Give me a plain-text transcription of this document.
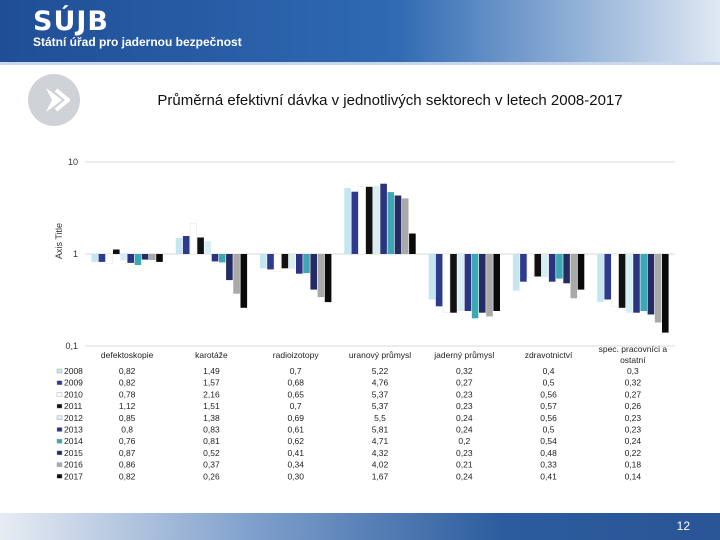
SÚJB
Státní úřad pro jadernou bezpečnost
Průměrná efektivní dávka v jednotlivých sektorech v letech 2008-2017
Axis Title
10
1
0,1
defektoskopie	karotáže	radioizotopy	uranový průmysl	jaderný průmysl	zdravotnictví
spec. pracovníci a
ostatní
2008	0,82	1,49	0,7	5,22	0,32	0,4	0,3
2009	0,82	1,57	0,68	4,76	0,27	0,5	0,32
2010	0,78	2,16	0,65	5,37	0,23	0,56	0,27
2011	1,12	1,51	0,7	5,37	0,23	0,57	0,26
2012	0,85	1,38	0,69	5,5	0,24	0,56	0,23
2013	0,8	0,83	0,61	5,81	0,24	0,5	0,23
2014	0,76	0,81	0,62	4,71	0,2	0,54	0,24
2015	0,87	0,52	0,41	4,32	0,23	0,48	0,22
2016	0,86	0,37	0,34	4,02	0,21	0,33	0,18
2017	0,82	0,26	0,30	1,67	0,24	0,41	0,14
12
